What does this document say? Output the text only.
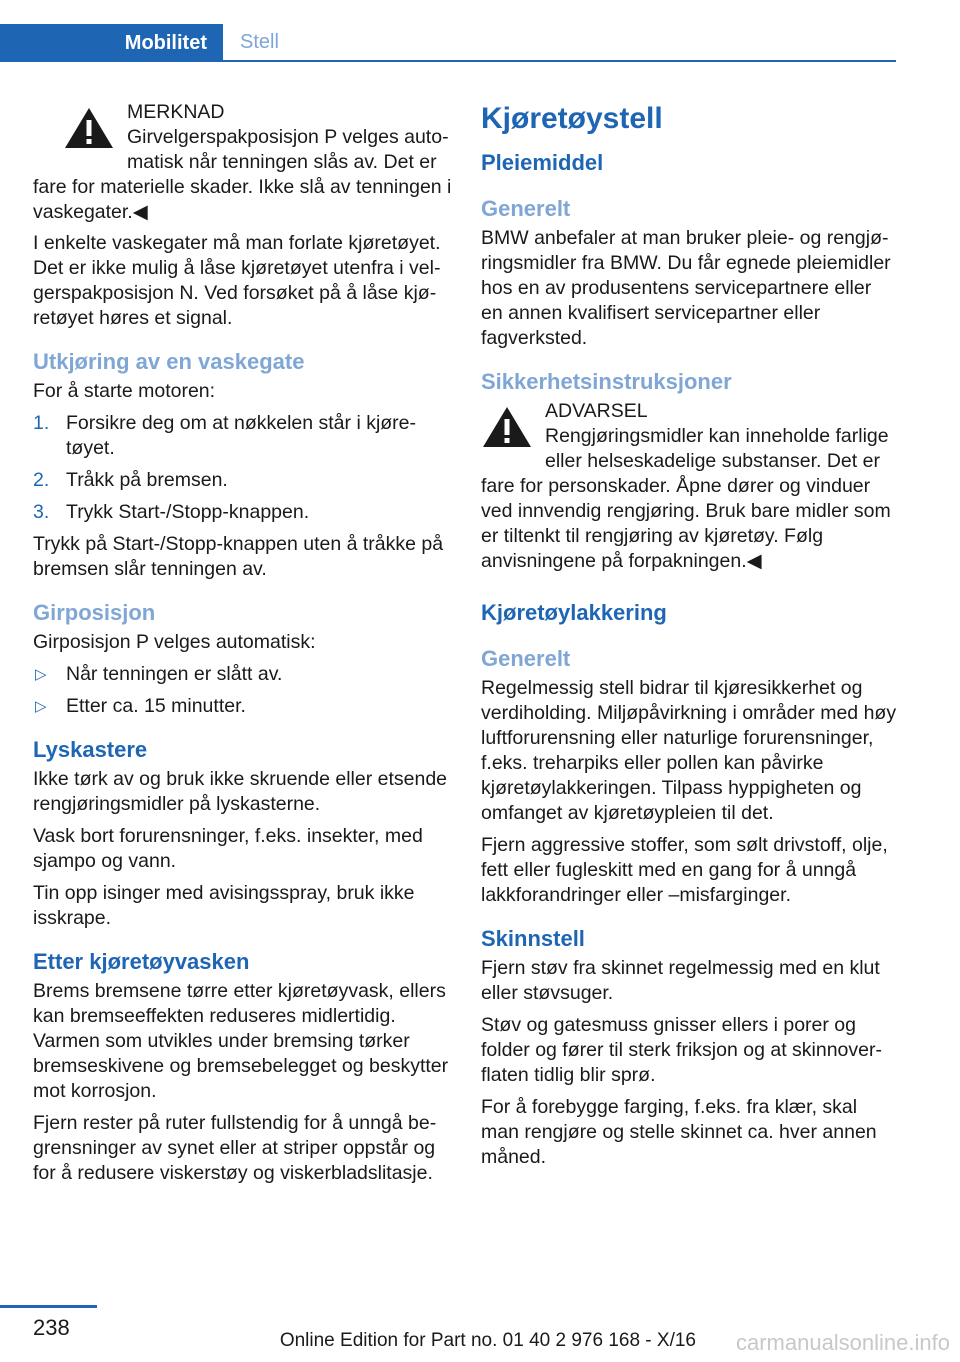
Mobilitet Stell
MERKNAD
Girvelgerspakposisjon P velges automatisk når tenningen slås av. Det er fare for materielle skader. Ikke slå av tenningen i vaskegater.◀

I enkelte vaskegater må man forlate kjøretøyet. Det er ikke mulig å låse kjøretøyet utenfra i velgerspakposisjon N. Ved forsøket på å låse kjøretøyet høres et signal.

Utkjøring av en vaskegate

For å starte motoren:

1. Forsikre deg om at nøkkelen står i kjøretøyet.
2. Tråkk på bremsen.
3. Trykk Start-/Stopp-knappen.

Trykk på Start-/Stopp-knappen uten å tråkke på bremsen slår tenningen av.

Girposisjon

Girposisjon P velges automatisk:

▷ Når tenningen er slått av.
▷ Etter ca. 15 minutter.
Lyskastere

Ikke tørk av og bruk ikke skruende eller etsende rengjøringsmidler på lyskasterne.

Vask bort forurensninger, f.eks. insekter, med sjampo og vann.

Tin opp isinger med avisingsspray, bruk ikke isskrape.

Etter kjøretøyvasken

Brems bremsene tørre etter kjøretøyvask, ellers kan bremseeffekten reduseres midlertidig. Varmen som utvikles under bremsing tørker bremseskivene og bremsebelegget og beskytter mot korrosjon.

Fjern rester på ruter fullstendig for å unngå begrensninger av synet eller at striper oppstår og for å redusere viskerstøy og viskerbladslitasje.

Kjøretøystell
Pleiemiddel
Generelt

BMW anbefaler at man bruker pleie- og rengjøringsmidler fra BMW. Du får egnede pleiemidler hos en av produsentens servicepartnere eller en annen kvalifisert servicepartner eller fagverksted.

Sikkerhetsinstruksjoner
ADVARSEL
Rengjøringsmidler kan inneholde farlige eller helseskadelige substanser. Det er fare for personskader. Åpne dører og vinduer ved innvendig rengjøring. Bruk bare midler som er tiltenkt til rengjøring av kjøretøy. Følg anvisningene på forpakningen.◀
Kjøretøylakkering
Generelt

Regelmessig stell bidrar til kjøresikkerhet og verdiholding. Miljøpåvirkning i områder med høy luftforurensning eller naturlige forurensninger, f.eks. treharpiks eller pollen kan påvirke kjøretøylakkeringen. Tilpass hyppigheten og omfanget av kjøretøypleien til det.

Fjern aggressive stoffer, som sølt drivstoff, olje, fett eller fugleskitt med en gang for å unngå lakkforandringer eller –misfarginger.

Skinnstell

Fjern støv fra skinnet regelmessig med en klut eller støvsuger.

Støv og gatesmuss gnisser ellers i porer og folder og fører til sterk friksjon og at skinnoverflaten tidlig blir sprø.

For å forebygge farging, f.eks. fra klær, skal man rengjøre og stelle skinnet ca. hver annen måned.

238
Online Edition for Part no. 01 40 2 976 168 - X/16 carmanualsonline.info
